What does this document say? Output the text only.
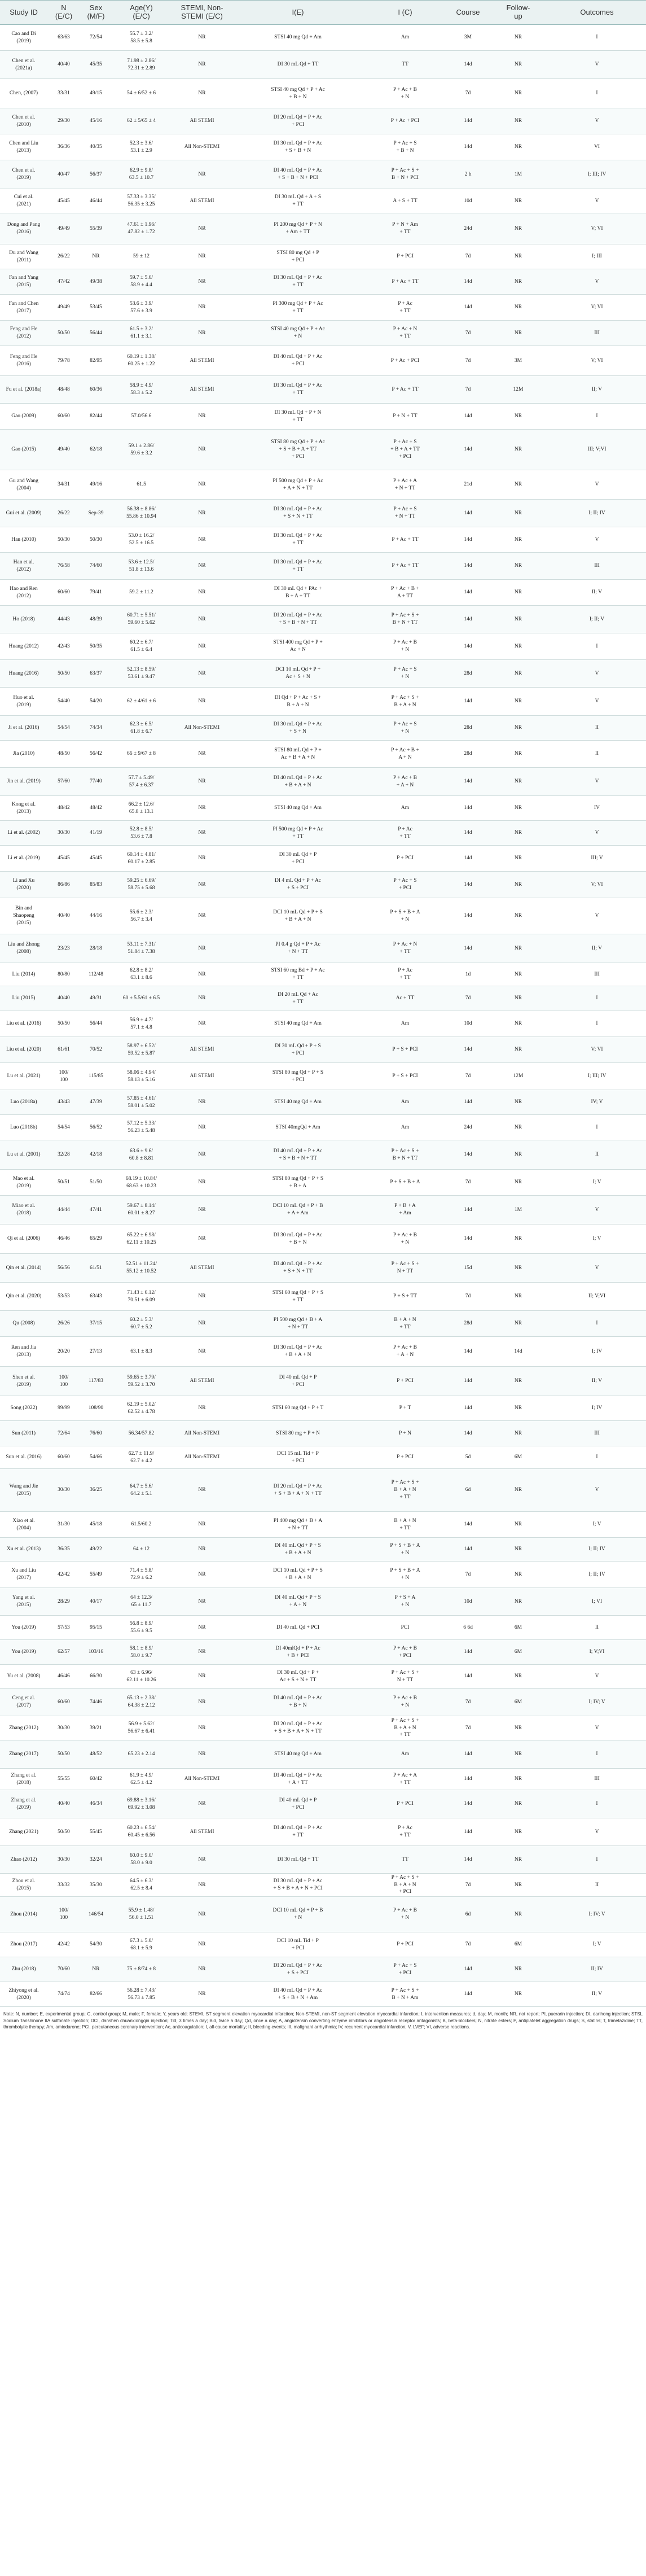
Study ID	N
(E/C)	Sex
(M/F)	Age(Y)
(E/C)	STEMI, Non-
STEMI (E/C)	I(E)	I (C)	Course	Follow-
up	Outcomes
Cao and Di
(2019)	63/63	72/54	55.7 ± 3.2/
58.5 ± 5.8	NR	STSI 40 mg Qd + Am	Am	3M	NR	I
Chen et al.
(2021a)	40/40	45/35	71.98 ± 2.86/
72.31 ± 2.89	NR	DI 30 mL Qd + TT	TT	14d	NR	V
Chen, (2007)	33/31	49/15	54 ± 6/52 ± 6	NR	STSI 40 mg Qd + P + Ac
+ B + N	P + Ac + B
+ N	7d	NR	I
Chen et al.
(2010)	29/30	45/16	62 ± 5/65 ± 4	All STEMI	DI 20 mL Qd + P + Ac
+ PCI	P + Ac + PCI	14d	NR	V
Chen and Liu
(2013)	36/36	40/35	52.3 ± 3.6/
53.1 ± 2.9	All Non-STEMI	DI 30 mL Qd + P + Ac
+ S + B + N	P + Ac + S
+ B + N	14d	NR	VI
Chen et al.
(2019)	40/47	56/37	62.9 ± 9.8/
63.5 ± 10.7	NR	DI 40 mL Qd + P + Ac
+ S + B + N + PCI	P + Ac + S +
B + N + PCI	2 h	1M	I; III; IV
Cui et al.
(2021)	45/45	46/44	57.33 ± 3.35/
56.35 ± 3.25	All STEMI	DI 30 mL Qd + A + S
+ TT	A + S + TT	10d	NR	V
Dong and Pang
(2016)	49/49	55/39	47.61 ± 1.96/
47.82 ± 1.72	NR	PI 200 mg Qd + P + N
+ Am + TT	P + N + Am
+ TT	24d	NR	V; VI
Du and Wang
(2011)	26/22	NR	59 ± 12	NR	STSI 80 mg Qd + P
+ PCI	P + PCI	7d	NR	I; III
Fan and Yang
(2015)	47/42	49/38	59.7 ± 5.6/
58.9 ± 4.4	NR	DI 30 mL Qd + P + Ac
+ TT	P + Ac + TT	14d	NR	V
Fan and Chen
(2017)	49/49	53/45	53.6 ± 3.9/
57.6 ± 3.9	NR	PI 300 mg Qd + P + Ac
+ TT	P + Ac
+ TT	14d	NR	V; VI
Feng and He
(2012)	50/50	56/44	61.5 ± 3.2/
61.1 ± 3.1	NR	STSI 40 mg Qd + P + Ac
+ N	P + Ac + N
+ TT	7d	NR	III
Feng and He
(2016)	79/78	82/95	60.19 ± 1.38/
60.25 ± 1.22	All STEMI	DI 40 mL Qd + P + Ac
+ PCI	P + Ac + PCI	7d	3M	V; VI
Fu et al. (2018a)	48/48	60/36	58.9 ± 4.9/
58.3 ± 5.2	All STEMI	DI 30 mL Qd + P + Ac
+ TT	P + Ac + TT	7d	12M	II; V
Gao (2009)	60/60	82/44	57.0/56.6	NR	DI 30 mL Qd + P + N
+ TT	P + N + TT	14d	NR	I
Gao (2015)	49/40	62/18	59.1 ± 2.86/
59.6 ± 3.2	NR	STSI 80 mg Qd + P + Ac
+ S + B + A + TT
+ PCI	P + Ac + S
+ B + A + TT
+ PCI	14d	NR	III; V;VI
Gu and Wang
(2004)	34/31	49/16	61.5	NR	PI 500 mg Qd + P + Ac
+ A + N + TT	P + Ac + A
+ N + TT	21d	NR	V
Gui et al. (2009)	26/22	Sep-39	56.38 ± 8.86/
55.86 ± 10.94	NR	DI 30 mL Qd + P + Ac
+ S + N + TT	P + Ac + S
+ N + TT	14d	NR	I; II; IV
Han (2010)	50/30	50/30	53.0 ± 16.2/
52.5 ± 16.5	NR	DI 30 mL Qd + P + Ac
+ TT	P + Ac + TT	14d	NR	V
Han et al.
(2012)	76/58	74/60	53.6 ± 12.5/
51.8 ± 13.6	NR	DI 30 mL Qd + P + Ac
+ TT	P + Ac + TT	14d	NR	III
Hao and Ren
(2012)	60/60	79/41	59.2 ± 11.2	NR	DI 30 mL Qd + PAc +
B + A + TT	P + Ac + B +
A + TT	14d	NR	II; V
Ho (2018)	44/43	48/39	60.71 ± 5.51/
59.60 ± 5.62	NR	DI 20 mL Qd + P + Ac
+ S + B + N + TT	P + Ac + S +
B + N + TT	14d	NR	I; II; V
Huang (2012)	42/43	50/35	60.2 ± 6.7/
61.5 ± 6.4	NR	STSI 400 mg Qd + P +
Ac + N	P + Ac + B
+ N	14d	NR	I
Huang (2016)	50/50	63/37	52.13 ± 8.59/
53.61 ± 9.47	NR	DCI 10 mL Qd + P +
Ac + S + N	P + Ac + S
+ N	28d	NR	V
Huo et al.
(2019)	54/40	54/20	62 ± 4/61 ± 6	NR	DI Qd + P + Ac + S +
B + A + N	P + Ac + S +
B + A + N	14d	NR	V
Ji et al. (2016)	54/54	74/34	62.3 ± 6.5/
61.8 ± 6.7	All Non-STEMI	DI 30 mL Qd + P + Ac
+ S + N	P + Ac + S
+ N	28d	NR	II
Jia (2010)	48/50	56/42	66 ± 9/67 ± 8	NR	STSI 80 mL Qd + P +
Ac + B + A + N	P + Ac + B +
A + N	28d	NR	II
Jin et al. (2019)	57/60	77/40	57.7 ± 5.49/
57.4 ± 6.37	NR	DI 40 mL Qd + P + Ac
+ B + A + N	P + Ac + B
+ A + N	14d	NR	V
Kong et al.
(2013)	48/42	48/42	66.2 ± 12.6/
65.8 ± 13.1	NR	STSI 40 mg Qd + Am	Am	14d	NR	IV
Li et al. (2002)	30/30	41/19	52.8 ± 8.5/
53.6 ± 7.8	NR	PI 500 mg Qd + P + Ac
+ TT	P + Ac
+ TT	14d	NR	V
Li et al. (2019)	45/45	45/45	60.14 ± 4.81/
60.17 ± 2.85	NR	DI 30 mL Qd + P
+ PCI	P + PCI	14d	NR	III; V
Li and Xu
(2020)	86/86	85/83	59.25 ± 6.69/
58.75 ± 5.68	NR	DI 4 mL Qd + P + Ac
+ S + PCI	P + Ac + S
+ PCI	14d	NR	V; VI
Bin and
Shaopeng
(2015)	40/40	44/16	55.6 ± 2.3/
56.7 ± 3.4	NR	DCI 10 mL Qd + P + S
+ B + A + N	P + S + B + A
+ N	14d	NR	V
Liu and Zhong
(2008)	23/23	28/18	53.11 ± 7.31/
51.84 ± 7.38	NR	PI 0.4 g Qd + P + Ac
+ N + TT	P + Ac + N
+ TT	14d	NR	II; V
Liu (2014)	80/80	112/48	62.8 ± 8.2/
63.1 ± 8.6	NR	STSI 60 mg Bd + P + Ac
+ TT	P + Ac
+ TT	1d	NR	III
Liu (2015)	40/40	49/31	60 ± 5.5/61 ± 6.5	NR	DI 20 mL Qd + Ac
+ TT	Ac + TT	7d	NR	I
Liu et al. (2016)	50/50	56/44	56.9 ± 4.7/
57.1 ± 4.8	NR	STSI 40 mg Qd + Am	Am	10d	NR	I
Liu et al. (2020)	61/61	70/52	58.97 ± 6.52/
59.52 ± 5.87	All STEMI	DI 30 mL Qd + P + S
+ PCI	P + S + PCI	14d	NR	V; VI
Lu et al. (2021)	100/
100	115/85	58.06 ± 4.94/
58.13 ± 5.16	All STEMI	STSI 80 mg Qd + P + S
+ PCI	P + S + PCI	7d	12M	I; III; IV
Luo (2018a)	43/43	47/39	57.85 ± 4.61/
58.01 ± 5.02	NR	STSI 40 mg Qd + Am	Am	14d	NR	IV; V
Luo (2018b)	54/54	56/52	57.12 ± 5.33/
56.23 ± 5.48	NR	STSI 40mgQd + Am	Am	24d	NR	I
Lu et al. (2001)	32/28	42/18	63.6 ± 9.6/
60.8 ± 8.81	NR	DI 40 mL Qd + P + Ac
+ S + B + N + TT	P + Ac + S +
B + N + TT	14d	NR	II
Mao et al.
(2019)	50/51	51/50	68.19 ± 10.84/
68.63 ± 10.23	NR	STSI 80 mg Qd + P + S
+ B + A	P + S + B + A	7d	NR	I; V
Miao et al.
(2018)	44/44	47/41	59.67 ± 8.14/
60.01 ± 8.27	NR	DCI 10 mL Qd + P + B
+ A + Am	P + B + A
+ Am	14d	1M	V
Qi et al. (2006)	46/46	65/29	65.22 ± 6.98/
62.11 ± 10.25	NR	DI 30 mL Qd + P + Ac
+ B + N	P + Ac + B
+ N	14d	NR	I; V
Qin et al. (2014)	56/56	61/51	52.51 ± 11.24/
55.12 ± 10.52	All STEMI	DI 40 mL Qd + P + Ac
+ S + N + TT	P + Ac + S +
N + TT	15d	NR	V
Qin et al. (2020)	53/53	63/43	71.43 ± 6.12/
70.51 ± 6.09	NR	STSI 60 mg Qd + P + S
+ TT	P + S + TT	7d	NR	II; V;VI
Qu (2008)	26/26	37/15	60.2 ± 5.3/
60.7 ± 5.2	NR	PI 500 mg Qd + B + A
+ N + TT	B + A + N
+ TT	28d	NR	I
Ren and Jia
(2013)	20/20	27/13	63.1 ± 8.3	NR	DI 30 mL Qd + P + Ac
+ B + A + N	P + Ac + B
+ A + N	14d	14d	I; IV
Shen et al.
(2019)	100/
100	117/83	59.65 ± 3.79/
59.52 ± 3.70	All STEMI	DI 40 mL Qd + P
+ PCI	P + PCI	14d	NR	II; V
Song (2022)	99/99	108/90	62.19 ± 5.02/
62.52 ± 4.78	NR	STSI 60 mg Qd + P + T	P + T	14d	NR	I; IV
Sun (2011)	72/64	76/60	56.34/57.82	All Non-STEMI	STSI 80 mg + P + N	P + N	14d	NR	III
Sun et al. (2016)	60/60	54/66	62.7 ± 11.9/
62.7 ± 4.2	All Non-STEMI	DCI 15 mL Tid + P
+ PCI	P + PCI	5d	6M	I
Wang and Jie
(2015)	30/30	36/25	64.7 ± 5.6/
64.2 ± 5.1	NR	DI 20 mL Qd + P + Ac
+ S + B + A + N + TT	P + Ac + S +
B + A + N
+ TT	6d	NR	V
Xiao et al.
(2004)	31/30	45/18	61.5/60.2	NR	PI 400 mg Qd + B + A
+ N + TT	B + A + N
+ TT	14d	NR	I; V
Xu et al. (2013)	36/35	49/22	64 ± 12	NR	DI 40 mL Qd + P + S
+ B + A + N	P + S + B + A
+ N	14d	NR	I; II; IV
Xu and Liu
(2017)	42/42	55/49	71.4 ± 5.8/
72.9 ± 6.2	NR	DCI 10 mL Qd + P + S
+ B + A + N	P + S + B + A
+ N	7d	NR	I; II; IV
Yang et al.
(2015)	28/29	40/17	64 ± 12.3/
65 ± 11.7	NR	DI 40 mL Qd + P + S
+ A + N	P + S + A
+ N	10d	NR	I; VI
You (2019)	57/53	95/15	56.8 ± 8.9/
55.6 ± 9.5	NR	DI 40 mL Qd + PCI	PCI	6 6d	6M	II
You (2019)	62/57	103/16	58.1 ± 8.9/
58.0 ± 9.7	NR	DI 40mlQd + P + Ac
+ B + PCI	P + Ac + B
+ PCI	14d	6M	I; V;VI
Yu et al. (2008)	46/46	66/30	63 ± 6.96/
62.11 ± 10.26	NR	DI 30 mL Qd + P +
Ac + S + N + TT	P + Ac + S +
N + TT	14d	NR	V
Ceng et al.
(2017)	60/60	74/46	65.13 ± 2.38/
64.38 ± 2.12	NR	DI 40 mL Qd + P + Ac
+ B + N	P + Ac + B
+ N	7d	6M	I; IV; V
Zhang (2012)	30/30	39/21	56.9 ± 5.62/
56.67 ± 6.41	NR	DI 20 mL Qd + P + Ac
+ S + B + A + N + TT	P + Ac + S +
B + A + N
+ TT	7d	NR	V
Zhang (2017)	50/50	48/52	65.23 ± 2.14	NR	STSI 40 mg Qd + Am	Am	14d	NR	I
Zhang et al.
(2018)	55/55	60/42	61.9 ± 4.9/
62.5 ± 4.2	All Non-STEMI	DI 40 mL Qd + P + Ac
+ A + TT	P + Ac + A
+ TT	14d	NR	III
Zhang et al.
(2019)	40/40	46/34	69.88 ± 3.16/
69.92 ± 3.08	NR	DI 40 mL Qd + P
+ PCI	P + PCI	14d	NR	I
Zhang (2021)	50/50	55/45	60.23 ± 6.54/
60.45 ± 6.56	All STEMI	DI 40 mL Qd + P + Ac
+ TT	P + Ac
+ TT	14d	NR	V
Zhao (2012)	30/30	32/24	60.0 ± 9.0/
58.0 ± 9.0	NR	DI 30 mL Qd + TT	TT	14d	NR	I
Zhou et al.
(2015)	33/32	35/30	64.5 ± 6.3/
62.5 ± 8.4	NR	DI 30 mL Qd + P + Ac
+ S + B + A + N + PCI	P + Ac + S +
B + A + N
+ PCI	7d	NR	II
Zhou (2014)	100/
100	146/54	55.9 ± 1.48/
56.0 ± 1.51	NR	DCI 10 mL Qd + P + B
+ N	P + Ac + B
+ N	6d	NR	I; IV; V
Zhou (2017)	42/42	54/30	67.3 ± 5.0/
68.1 ± 5.9	NR	DCI 10 mL Tid + P
+ PCI	P + PCI	7d	6M	I; V
Zhu (2018)	70/60	NR	75 ± 8/74 ± 8	NR	DI 20 mL Qd + P + Ac
+ S + PCI	P + Ac + S
+ PCI	14d	NR	II; IV
Zhiyong et al.
(2020)	74/74	82/66	56.28 ± 7.43/
56.73 ± 7.85	NR	DI 40 mL Qd + P + Ac
+ S + B + N + Am	P + Ac + S +
B + N + Am	14d	NR	II; V
Note: N, number; E, experimental group; C, control group; M, male; F, female; Y, years old; STEMI, ST segment elevation myocardial infarction; Non-STEMI, non-ST segment elevation myocardial infarction; I, intervention measures; d, day; M, month; NR, not report; PI, puerarin injection; DI, danhong injection; STSI, Sodium Tanshinone IIA sulfonate injection; DCI, danshen chuanxiongqin injection; Tid, 3 times a day; Bid, twice a day; Qd, once a day; A, angiotensin converting enzyme inhibitors or angiotensin receptor antagonists; B, beta-blockers; N, nitrate esters; P, antiplatelet aggregation drugs; S, statins; T, trimetazidine; TT, thrombolytic therapy; Am, amiodarone; PCI, percutaneous coronary intervention; Ac, anticoagulation; I, all-cause mortality; II, bleeding events; III, malignant arrhythmia; IV, recurrent myocardial infarction; V, LVEF; VI, adverse reactions.
